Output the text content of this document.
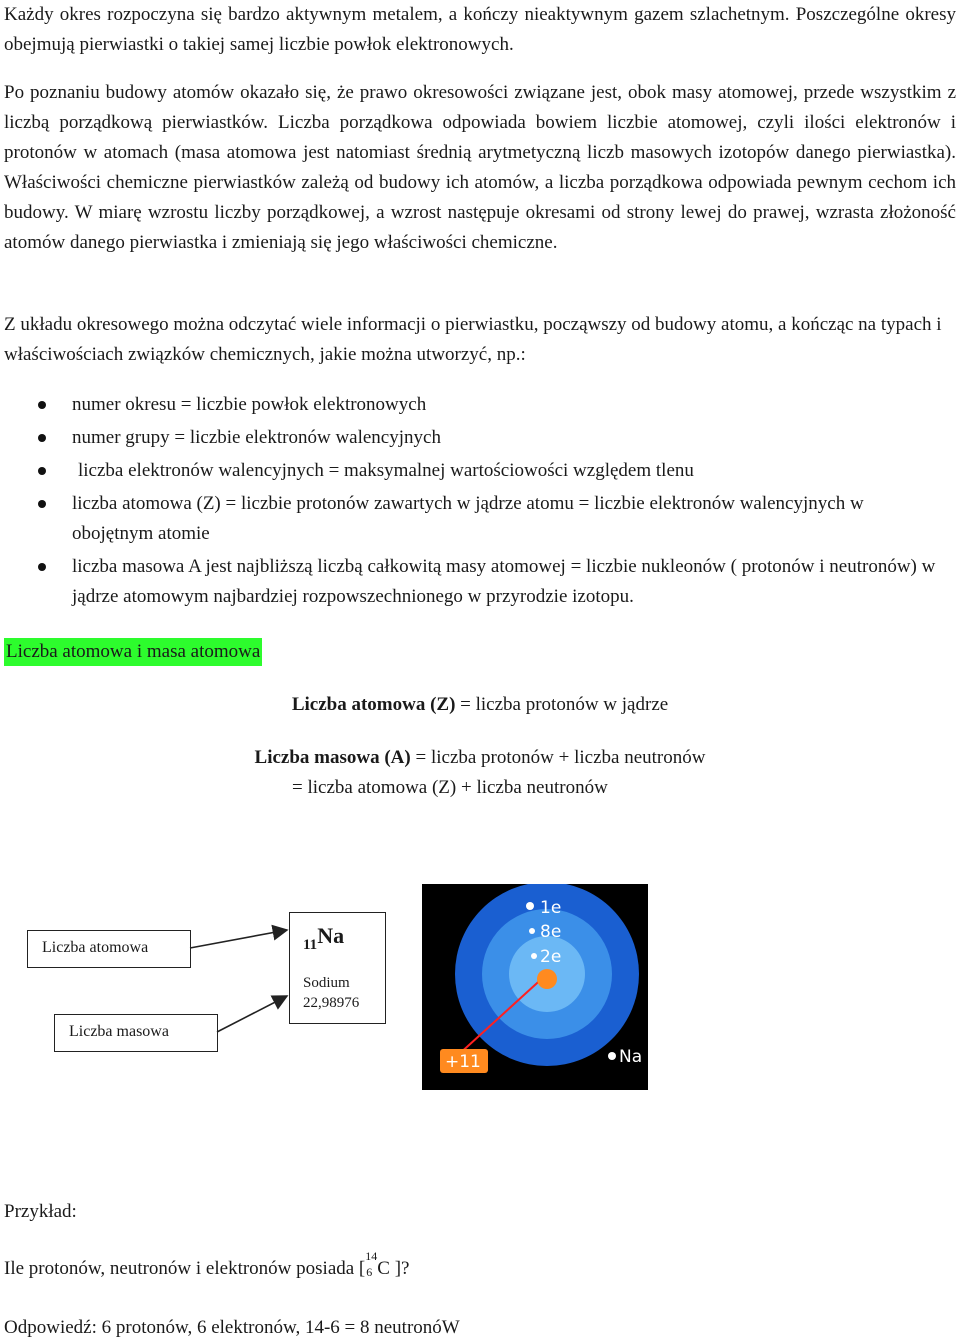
Każdy okres rozpoczyna się bardzo aktywnym metalem, a kończy nieaktywnym gazem szlachetnym. Poszczególne okresy obejmują pierwiastki o takiej samej liczbie powłok elektronowych.

Po poznaniu budowy atomów okazało się, że prawo okresowości związane jest, obok masy atomowej, przede wszystkim z liczbą porządkową pierwiastków. Liczba porządkowa odpowiada bowiem liczbie atomowej, czyli ilości elektronów i protonów w atomach (masa atomowa jest natomiast średnią arytmetyczną liczb masowych izotopów danego pierwiastka). Właściwości chemiczne pierwiastków zależą od budowy ich atomów, a liczba porządkowa odpowiada pewnym cechom ich budowy. W miarę wzrostu liczby porządkowej, a wzrost następuje okresami od strony lewej do prawej, wzrasta złożoność atomów danego pierwiastka i zmieniają się jego właściwości chemiczne.

Z układu okresowego można odczytać wiele informacji o pierwiastku, począwszy od budowy atomu, a kończąc na typach i właściwościach związków chemicznych, jakie można utworzyć, np.:

numer okresu = liczbie powłok elektronowych
numer grupy = liczbie elektronów walencyjnych
liczba elektronów walencyjnych = maksymalnej wartościowości względem tlenu
liczba atomowa (Z) = liczbie protonów zawartych w jądrze atomu = liczbie elektronów walencyjnych w obojętnym atomie
liczba masowa A jest najbliższą liczbą całkowitą masy atomowej = liczbie nukleonów ( protonów i neutronów) w jądrze atomowym najbardziej rozpowszechnionego w przyrodzie izotopu.
Liczba atomowa i masa atomowa
Liczba atomowa (Z) = liczba protonów w jądrze
Liczba masowa (A) = liczba protonów + liczba neutronów
= liczba atomowa (Z) + liczba neutronów
Liczba atomowa
Liczba masowa
$_{11}$Na
Sodium
22,98976
1e
8e
2e
+11	Na
Przykład:
Ile protonów, neutronów i elektronów posiada [
14
6 C ]?
Odpowiedź: 6 protonów, 6 elektronów, 14-6 = 8 neutronóW
